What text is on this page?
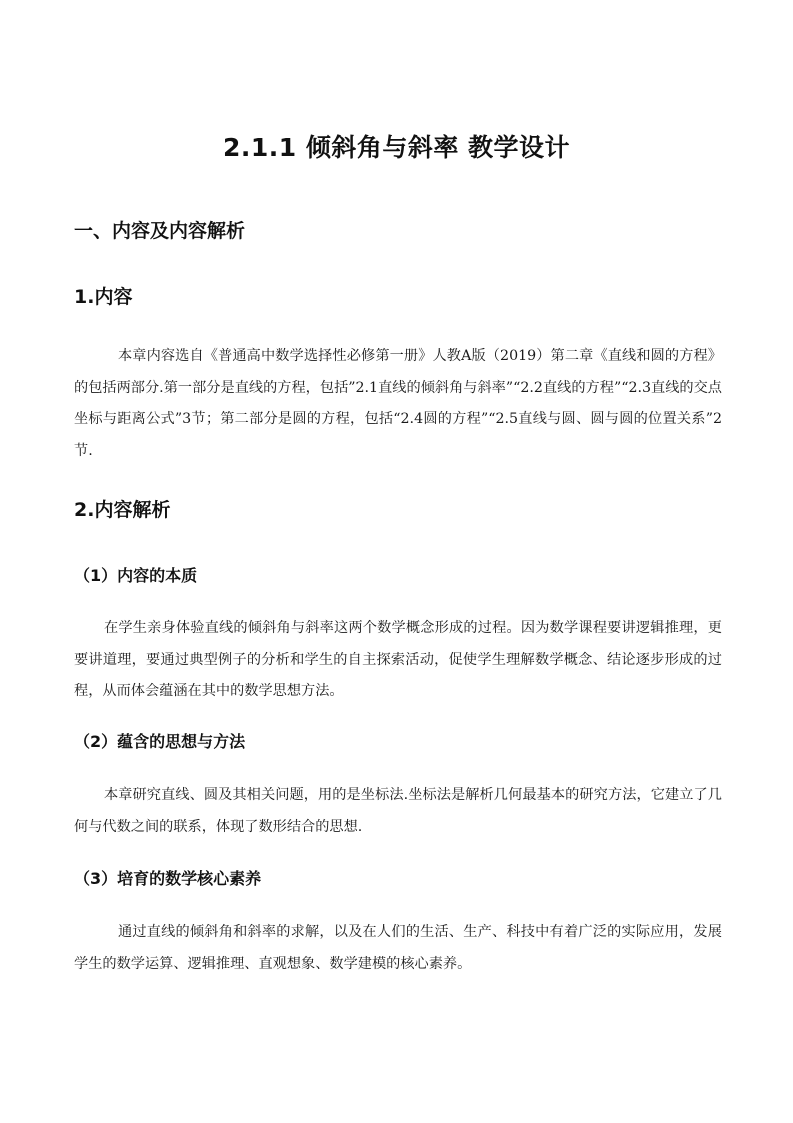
2.1.1 倾斜角与斜率 教学设计
一、内容及内容解析
1.内容
本章内容选自《普通高中数学选择性必修第一册》人教A版（2019）第二章《直线和圆的方程》的包括两部分.第一部分是直线的方程，包括”2.1直线的倾斜角与斜率”“2.2直线的方程”“2.3直线的交点坐标与距离公式”3节；第二部分是圆的方程，包括“2.4圆的方程”“2.5直线与圆、圆与圆的位置关系”2节.
2.内容解析
（1）内容的本质
在学生亲身体验直线的倾斜角与斜率这两个数学概念形成的过程。因为数学课程要讲逻辑推理，更要讲道理，要通过典型例子的分析和学生的自主探索活动，促使学生理解数学概念、结论逐步形成的过程，从而体会蕴涵在其中的数学思想方法。
（2）蕴含的思想与方法
本章研究直线、圆及其相关问题，用的是坐标法.坐标法是解析几何最基本的研究方法，它建立了几何与代数之间的联系，体现了数形结合的思想.
（3）培育的数学核心素养
通过直线的倾斜角和斜率的求解，以及在人们的生活、生产、科技中有着广泛的实际应用，发展学生的数学运算、逻辑推理、直观想象、数学建模的核心素养。
